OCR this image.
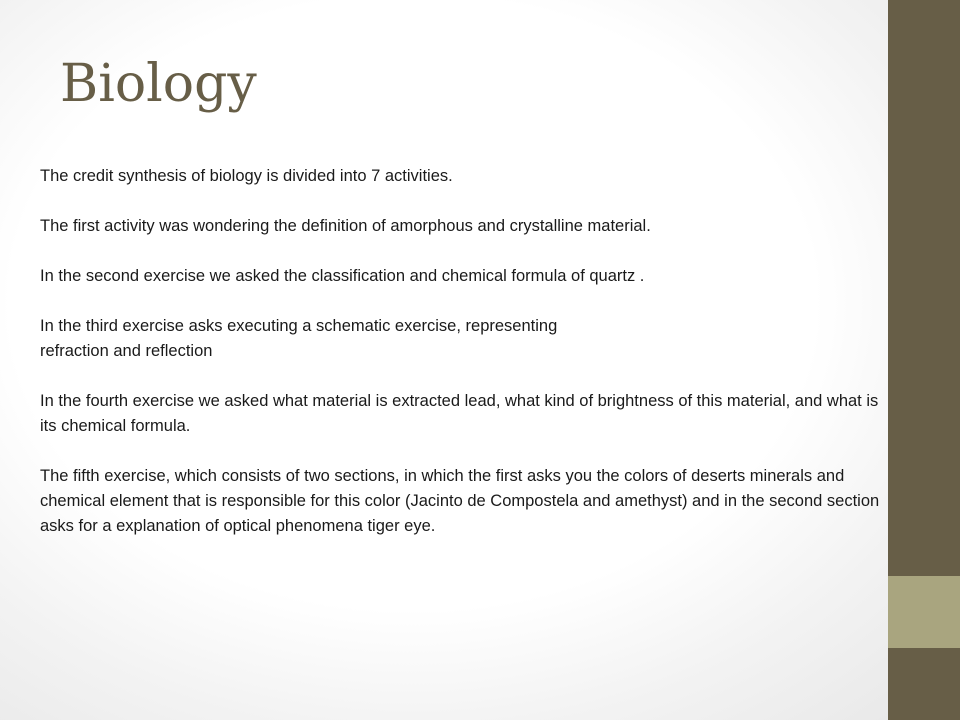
Biology

The credit synthesis of biology is divided into 7 activities.

The first activity was wondering the definition of amorphous and crystalline material.

In the second exercise we asked the classification and chemical formula of quartz .

In the third exercise asks executing a schematic exercise, representing
refraction and reflection

In the fourth exercise we asked what material is extracted lead, what kind of brightness of this material, and what is its chemical formula.

The fifth exercise, which consists of two sections, in which the first asks you the colors of deserts minerals and chemical element that is responsible for this color (Jacinto de Compostela and amethyst) and in the second section asks for a explanation of optical phenomena tiger eye.
